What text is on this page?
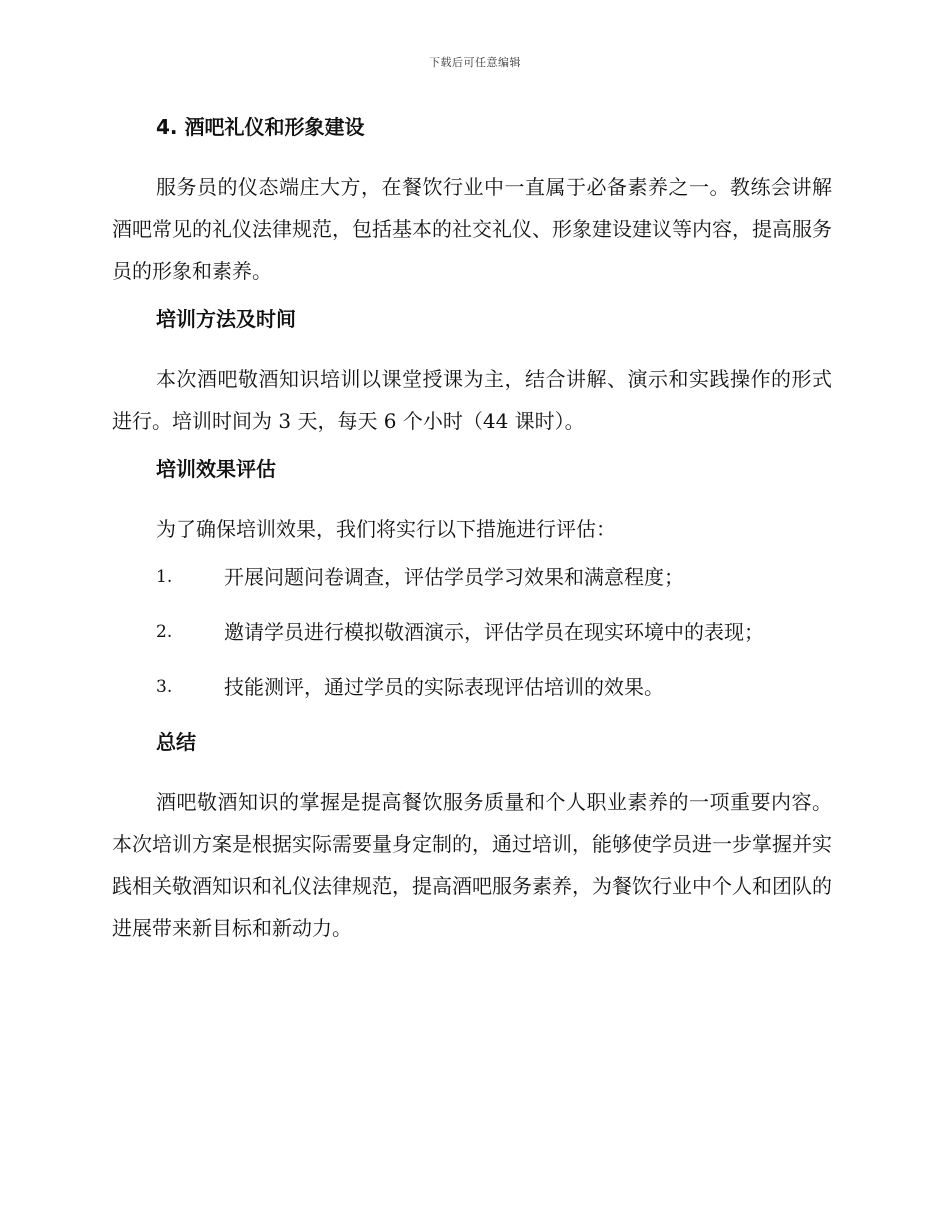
下载后可任意编辑
4. 酒吧礼仪和形象建设

服务员的仪态端庄大方，在餐饮行业中一直属于必备素养之一。教练会讲解酒吧常见的礼仪法律规范，包括基本的社交礼仪、形象建设建议等内容，提高服务员的形象和素养。

培训方法及时间

本次酒吧敬酒知识培训以课堂授课为主，结合讲解、演示和实践操作的形式进行。培训时间为 3 天，每天 6 个小时（44 课时）。

培训效果评估

为了确保培训效果，我们将实行以下措施进行评估：

1.	开展问题问卷调查，评估学员学习效果和满意程度；
2.	邀请学员进行模拟敬酒演示，评估学员在现实环境中的表现；
3.	技能测评，通过学员的实际表现评估培训的效果。
总结

酒吧敬酒知识的掌握是提高餐饮服务质量和个人职业素养的一项重要内容。本次培训方案是根据实际需要量身定制的，通过培训，能够使学员进一步掌握并实践相关敬酒知识和礼仪法律规范，提高酒吧服务素养，为餐饮行业中个人和团队的进展带来新目标和新动力。
